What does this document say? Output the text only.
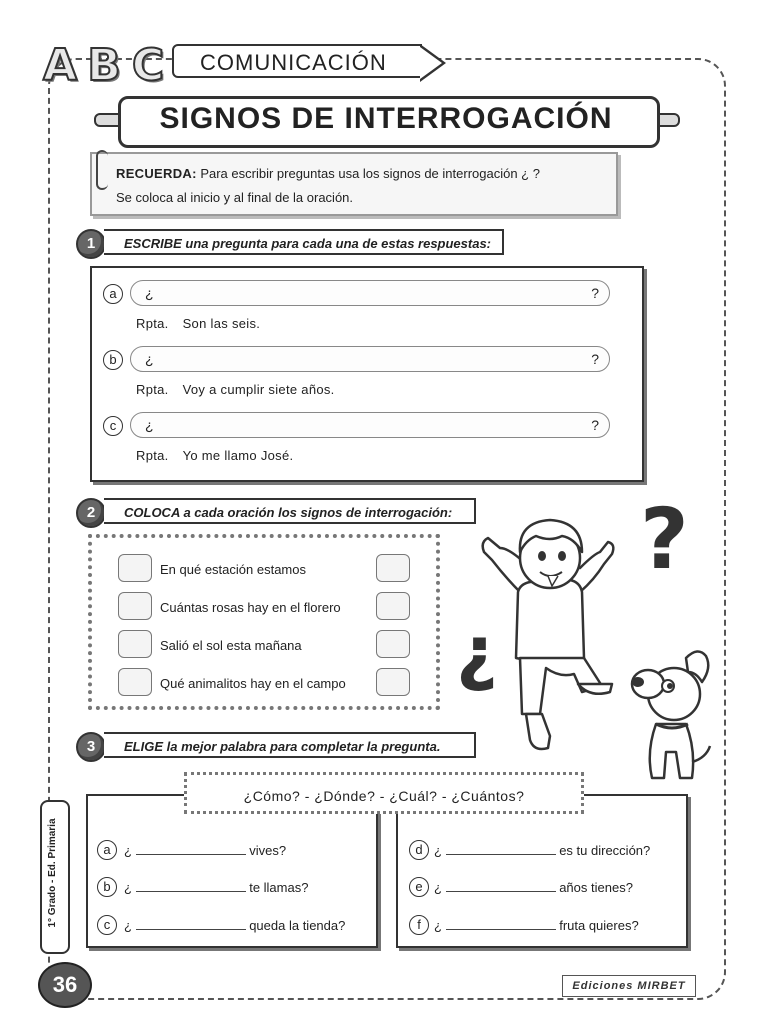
A B C	COMUNICACIÓN
SIGNOS DE INTERROGACIÓN
RECUERDA: Para escribir preguntas usa los signos de interrogación ¿ ?
Se coloca al inicio y al final de la oración.
1	ESCRIBE una pregunta para cada una de estas respuestas:
a	¿	?
Rpta. Son las seis.
b	¿	?
Rpta. Voy a cumplir siete años.
c	¿	?
Rpta. Yo me llamo José.
2	COLOCA a cada oración los signos de interrogación:
En qué estación estamos
Cuántas rosas hay en el florero
Salió el sol esta mañana
Qué animalitos hay en el campo
?
¿
3	ELIGE la mejor palabra para completar la pregunta.
¿Cómo? - ¿Dónde? - ¿Cuál? - ¿Cuántos?
a	¿	vives?
b	¿	te llamas?
c	¿	queda la tienda?
d ¿	es tu dirección?
e ¿	años tienes?
f	¿	fruta quieres?
1° Grado - Ed. Primaria
36	Ediciones MIRBET
